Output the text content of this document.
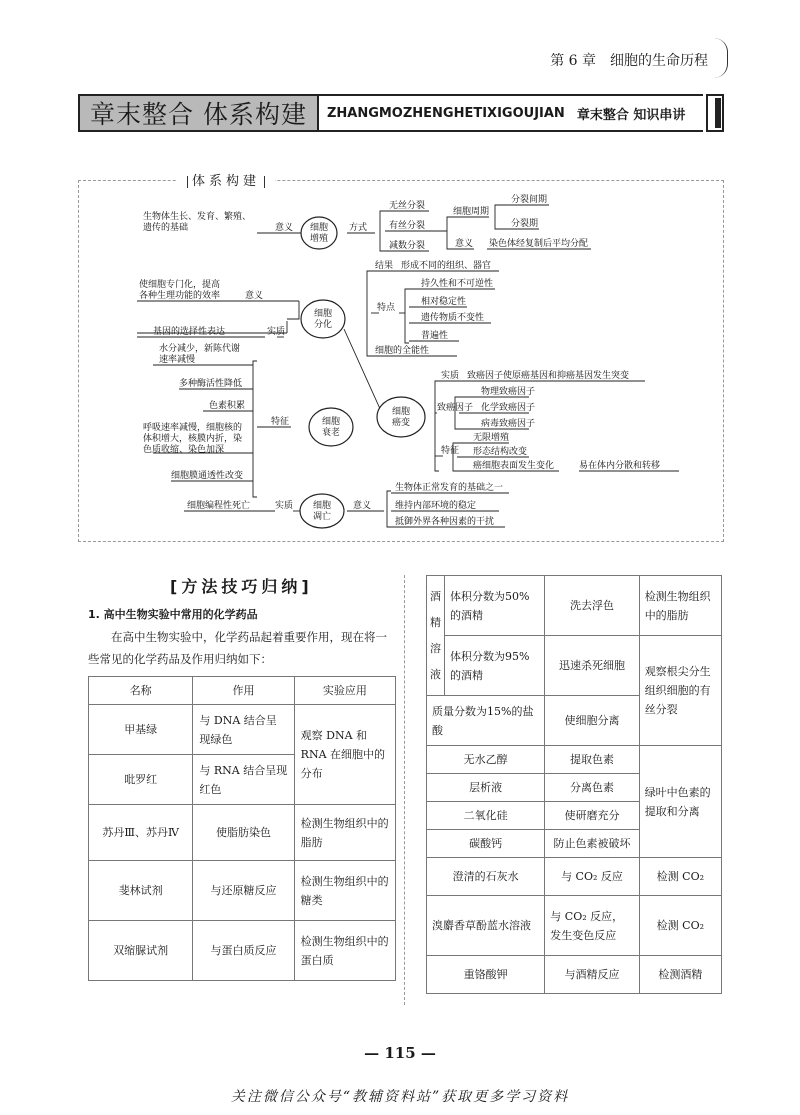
第 6 章　细胞的生命历程
章末整合 体系构建	ZHANGMOZHENGHETIXIGOUJIAN 章末整合 知识串讲
体系构建
细胞
增殖
细胞
分化
细胞
衰老
细胞
凋亡
细胞
癌变
生物体生长、发育、繁殖、
遗传的基础	意义	方式
无丝分裂
有丝分裂
减数分裂
细胞周期
分裂间期
分裂期
意义 染色体经复制后平均分配
使细胞专门化，提高
各种生理功能的效率	意义
基因的选择性表达	实质
结果 形成不同的组织、器官
特点
持久性和不可逆性
相对稳定性
遗传物质不变性
普遍性
细胞的全能性
水分减少，新陈代谢
速率减慢
多种酶活性降低
色素积累
呼吸速率减慢，细胞核的
体积增大，核膜内折，染
色质收缩、染色加深
细胞膜通透性改变
特征
实质 致癌因子使原癌基因和抑癌基因发生突变
致癌因子
物理致癌因子
化学致癌因子
病毒致癌因子
特征
无限增殖
形态结构改变
癌细胞表面发生变化	易在体内分散和转移
细胞编程性死亡	实质	意义
生物体正常发育的基础之一
维持内部环境的稳定
抵御外界各种因素的干扰
[方法技巧归纳]
1. 高中生物实验中常用的化学药品
在高中生物实验中，化学药品起着重要作用，现在将一些常见的化学药品及作用归纳如下：
名称	作用	实验应用
甲基绿	与 DNA 结合呈现绿色	观察 DNA 和 RNA 在细胞中的分布
吡罗红	与 RNA 结合呈现红色	
苏丹Ⅲ、苏丹Ⅳ	使脂肪染色	检测生物组织中的脂肪
斐林试剂	与还原糖反应	检测生物组织中的糖类
双缩脲试剂	与蛋白质反应	检测生物组织中的蛋白质
酒精溶液	体积分数为50%的酒精	洗去浮色	检测生物组织中的脂肪
	体积分数为95%的酒精	迅速杀死细胞	观察根尖分生组织细胞的有丝分裂
质量分数为15%的盐酸		使细胞分离	
无水乙醇		提取色素	绿叶中色素的提取和分离
层析液		分离色素	
二氧化硅		使研磨充分	
碳酸钙		防止色素被破坏	
澄清的石灰水		与 CO₂ 反应	检测 CO₂
溴麝香草酚蓝水溶液		与 CO₂ 反应，发生变色反应	检测 CO₂
重铬酸钾		与酒精反应	检测酒精
— 115 —
关注微信公众号“教辅资料站”获取更多学习资料
